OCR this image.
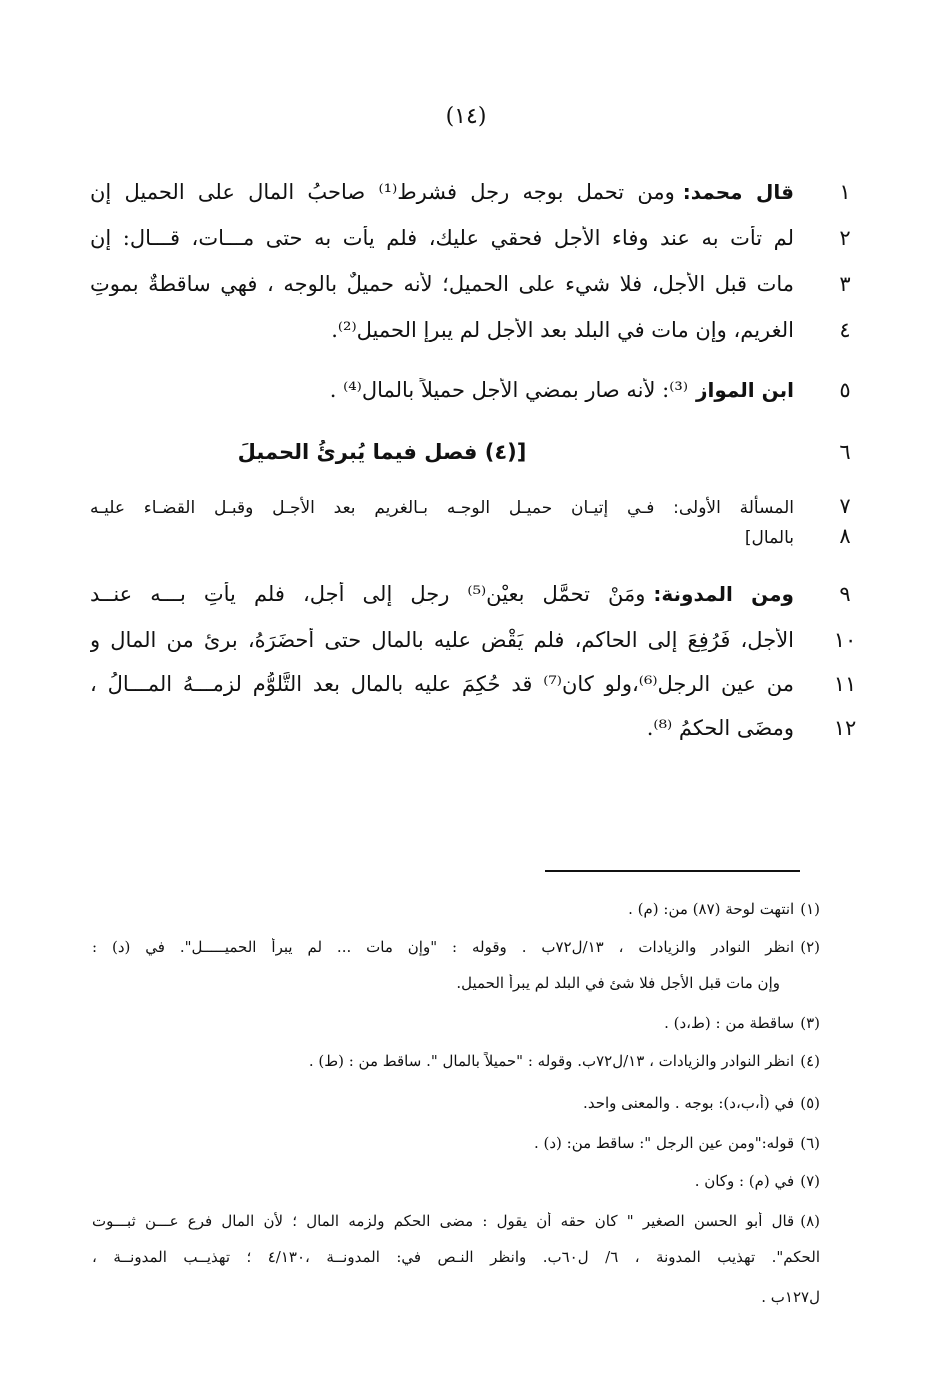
(١٤)
١
قال محمد:ومن تحمل بوجه رجل فشرط⁽¹⁾ صاحبُ المالِ على الحميل إن
٢
لم تأت به عند وفاء الأجل فحقي عليك، فلم يأت به حتى مـــات، قـــال: إن
٣
مات قبل الأجل، فلا شيء على الحميل؛ لأنه حميلٌ بالوجه ، فهي ساقطةٌ بموتِ
٤
الغريمِ، وإن مات في البلد بعد الأجل لم يبرإ الحميل⁽²⁾.
٥
ابن المواز⁽³⁾: لأنه صار بمضي الأجل حميلاً بالمال⁽⁴⁾ .
٦
[(٤) فصل فيما يُبرئُ الحميلَ
٧
المسألة الأولى: فـي إتيـان حميـل الوجـه بـالغريم بعد الأجـل وقبـل القضـاء عليـه
٨
بالمال]
٩
ومن المدونة:ومَنْ تحمَّل بعيْنٍ⁽⁵⁾ رجلٍ إلى أجلٍ، فلم يأتِ بـــه عنــد
١٠
الأجلِ، فَرُفِعَ إلى الحاكمِ، فلم يَقْضِ عليه بالمالِ حتى أحضَرَهُ، برئ من المال و
١١
من عين الرجل⁽⁶⁾،ولو كان⁽⁷⁾ قد حُكِمَ عليه بالمالِ بعد التَّلوُّمِ لزمـــهُ المـــالُ ،
١٢
ومضَى الحكمُ ⁽⁸⁾.
(١)انتهت لوحة (٨٧) من: (م) .
(٢)انظر النوادر والزيادات ، ١٣/ل٧٢ب . وقوله : "وإن مات ... لم يبرأ الحميـــــل". في (د) :
وإن مات قبل الأجل فلا شئ في البلد لم يبرأ الحميل.
(٣)ساقطة من : (ط،د) .
(٤)انظر النوادر والزيادات ، ١٣/ل٧٢ب. وقوله : "حميلاً بالمال ". ساقط من : (ط) .
(٥)في (أ،ب،د): بوجه . والمعنى واحد.
(٦)قوله:"ومن عين الرجل ": ساقط من: (د) .
(٧)في (م) : وكان .
(٨)قال أبو الحسن الصغير " كان حقه أن يقول : مضى الحكم ولزمه المال ؛ لأن المال فرع عـــن ثبـــوت
الحكم". تهذيب المدونة ، ٦/ ل٦٠ب. وانظر النـص في: المدونــة ،٤/١٣٠ ؛ تهذيــب المدونــة ،
ل١٢٧ب .
